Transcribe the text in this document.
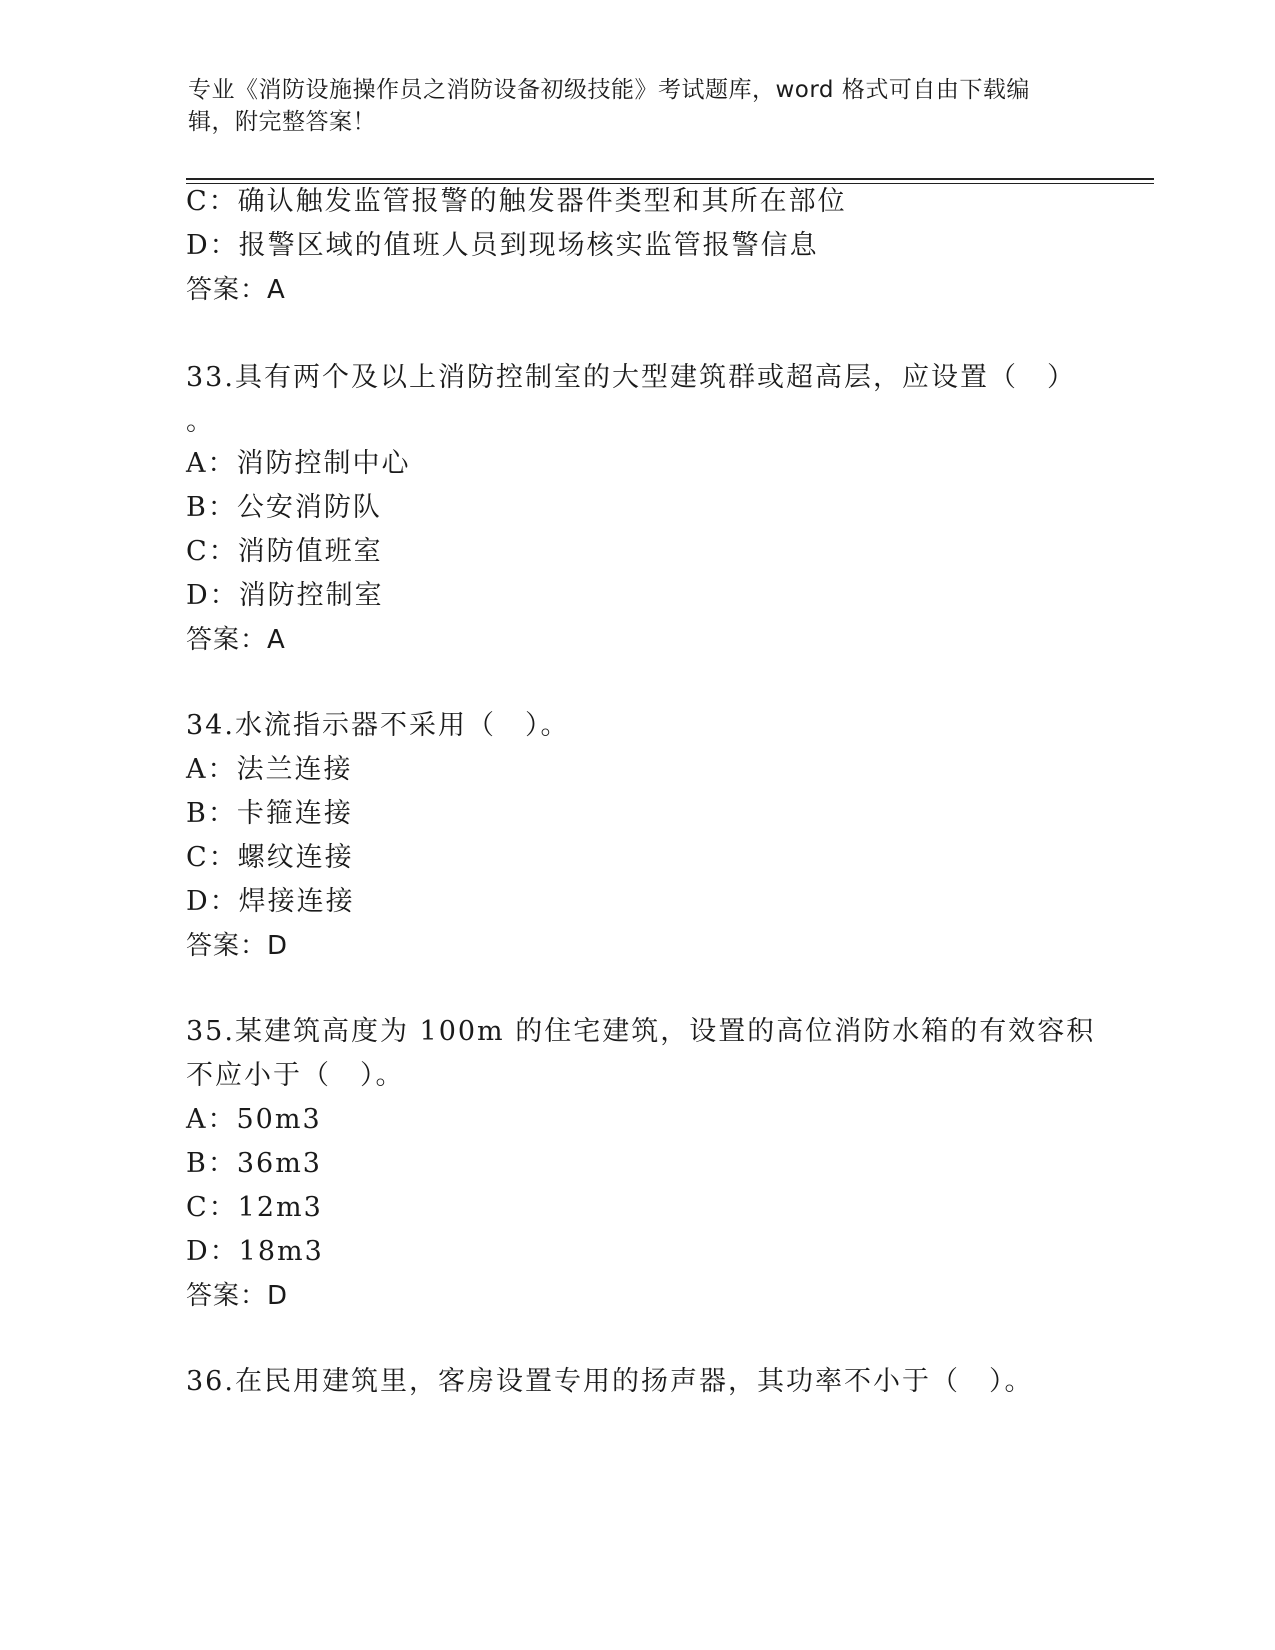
专业《消防设施操作员之消防设备初级技能》考试题库，word 格式可自由下载编
辑，附完整答案！
C：确认触发监管报警的触发器件类型和其所在部位
D：报警区域的值班人员到现场核实监管报警信息
答案：A
33.具有两个及以上消防控制室的大型建筑群或超高层，应设置（　）
。
A：消防控制中心
B：公安消防队
C：消防值班室
D：消防控制室
答案：A
34.水流指示器不采用（　）。
A：法兰连接
B：卡箍连接
C：螺纹连接
D：焊接连接
答案：D
35.某建筑高度为 100m 的住宅建筑，设置的高位消防水箱的有效容积
不应小于（　）。
A：50m3
B：36m3
C：12m3
D：18m3
答案：D
36.在民用建筑里，客房设置专用的扬声器，其功率不小于（　）。
